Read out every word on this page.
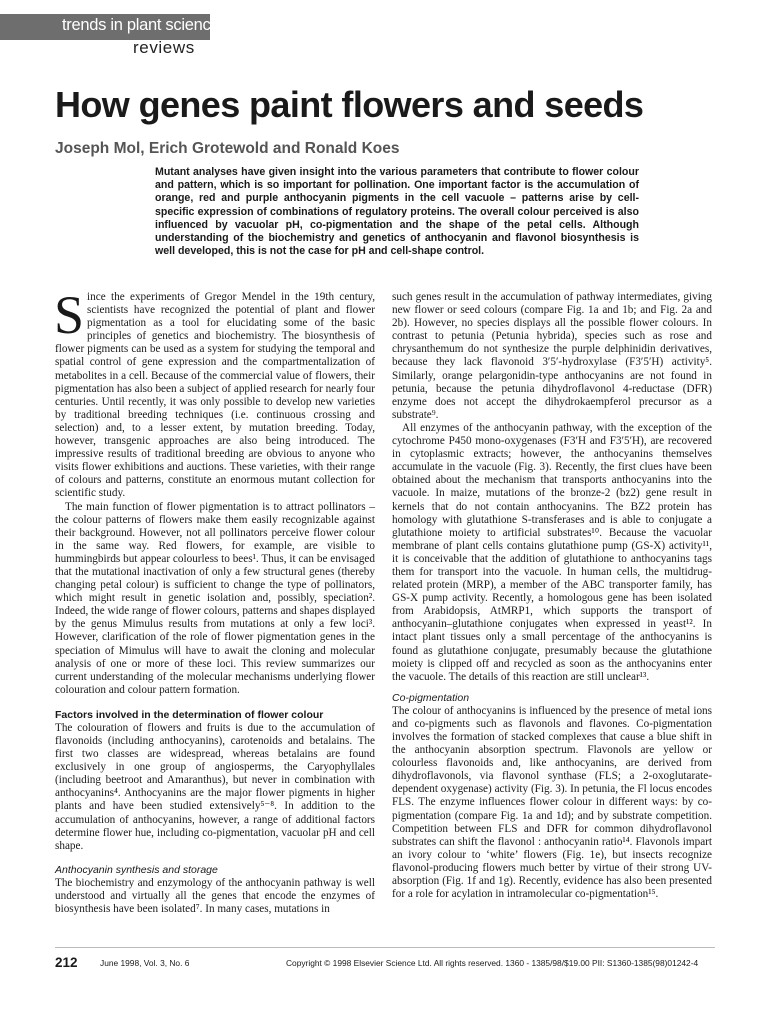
trends in plant science
reviews
How genes paint flowers and seeds
Joseph Mol, Erich Grotewold and Ronald Koes

Mutant analyses have given insight into the various parameters that contribute to flower colour and pattern, which is so important for pollination. One important factor is the accumulation of orange, red and purple anthocyanin pigments in the cell vacuole – patterns arise by cell-specific expression of combinations of regulatory proteins. The overall colour perceived is also influenced by vacuolar pH, co-pigmentation and the shape of the petal cells. Although understanding of the biochemistry and genetics of anthocyanin and flavonol biosynthesis is well developed, this is not the case for pH and cell-shape control.

Since the experiments of Gregor Mendel in the 19th century, scientists have recognized the potential of plant and flower pigmentation as a tool for elucidating some of the basic principles of genetics and biochemistry. The biosynthesis of flower pigments can be used as a system for studying the temporal and spatial control of gene expression and the compartmentalization of metabolites in a cell. Because of the commercial value of flowers, their pigmentation has also been a subject of applied research for nearly four centuries. Until recently, it was only possible to develop new varieties by traditional breeding techniques (i.e. continuous crossing and selection) and, to a lesser extent, by mutation breeding. Today, however, transgenic approaches are also being introduced. The impressive results of traditional breeding are obvious to anyone who visits flower exhibitions and auctions. These varieties, with their range of colours and patterns, constitute an enormous mutant collection for scientific study.

The main function of flower pigmentation is to attract pollinators – the colour patterns of flowers make them easily recognizable against their background. However, not all pollinators perceive flower colour in the same way. Red flowers, for example, are visible to hummingbirds but appear colourless to bees¹. Thus, it can be envisaged that the mutational inactivation of only a few structural genes (thereby changing petal colour) is sufficient to change the type of pollinators, which might result in genetic isolation and, possibly, speciation². Indeed, the wide range of flower colours, patterns and shapes displayed by the genus Mimulus results from mutations at only a few loci³. However, clarification of the role of flower pigmentation genes in the speciation of Mimulus will have to await the cloning and molecular analysis of one or more of these loci. This review summarizes our current understanding of the molecular mechanisms underlying flower colouration and colour pattern formation.

Factors involved in the determination of flower colour

The colouration of flowers and fruits is due to the accumulation of flavonoids (including anthocyanins), carotenoids and betalains. The first two classes are widespread, whereas betalains are found exclusively in one group of angiosperms, the Caryophyllales (including beetroot and Amaranthus), but never in combination with anthocyanins⁴. Anthocyanins are the major flower pigments in higher plants and have been studied extensively⁵⁻⁸. In addition to the accumulation of anthocyanins, however, a range of additional factors determine flower hue, including co-pigmentation, vacuolar pH and cell shape.

Anthocyanin synthesis and storage

The biochemistry and enzymology of the anthocyanin pathway is well understood and virtually all the genes that encode the enzymes of biosynthesis have been isolated⁷. In many cases, mutations in

such genes result in the accumulation of pathway intermediates, giving new flower or seed colours (compare Fig. 1a and 1b; and Fig. 2a and 2b). However, no species displays all the possible flower colours. In contrast to petunia (Petunia hybrida), species such as rose and chrysanthemum do not synthesize the purple delphinidin derivatives, because they lack flavonoid 3′5′-hydroxylase (F3′5′H) activity⁵. Similarly, orange pelargonidin-type anthocyanins are not found in petunia, because the petunia dihydroflavonol 4-reductase (DFR) enzyme does not accept the dihydrokaempferol precursor as a substrate⁹.

All enzymes of the anthocyanin pathway, with the exception of the cytochrome P450 mono-oxygenases (F3′H and F3′5′H), are recovered in cytoplasmic extracts; however, the anthocyanins themselves accumulate in the vacuole (Fig. 3). Recently, the first clues have been obtained about the mechanism that transports anthocyanins into the vacuole. In maize, mutations of the bronze-2 (bz2) gene result in kernels that do not contain anthocyanins. The BZ2 protein has homology with glutathione S-transferases and is able to conjugate a glutathione moiety to artificial substrates¹⁰. Because the vacuolar membrane of plant cells contains glutathione pump (GS-X) activity¹¹, it is conceivable that the addition of glutathione to anthocyanins tags them for transport into the vacuole. In human cells, the multidrug-related protein (MRP), a member of the ABC transporter family, has GS-X pump activity. Recently, a homologous gene has been isolated from Arabidopsis, AtMRP1, which supports the transport of anthocyanin–glutathione conjugates when expressed in yeast¹². In intact plant tissues only a small percentage of the anthocyanins is found as glutathione conjugate, presumably because the glutathione moiety is clipped off and recycled as soon as the anthocyanins enter the vacuole. The details of this reaction are still unclear¹³.

Co-pigmentation

The colour of anthocyanins is influenced by the presence of metal ions and co-pigments such as flavonols and flavones. Co-pigmentation involves the formation of stacked complexes that cause a blue shift in the anthocyanin absorption spectrum. Flavonols are yellow or colourless flavonoids and, like anthocyanins, are derived from dihydroflavonols, via flavonol synthase (FLS; a 2-oxoglutarate-dependent oxygenase) activity (Fig. 3). In petunia, the Fl locus encodes FLS. The enzyme influences flower colour in different ways: by co-pigmentation (compare Fig. 1a and 1d); and by substrate competition. Competition between FLS and DFR for common dihydroflavonol substrates can shift the flavonol : anthocyanin ratio¹⁴. Flavonols impart an ivory colour to ‘white’ flowers (Fig. 1e), but insects recognize flavonol-producing flowers much better by virtue of their strong UV-absorption (Fig. 1f and 1g). Recently, evidence has also been presented for a role for acylation in intramolecular co-pigmentation¹⁵.

212	June 1998, Vol. 3, No. 6	Copyright © 1998 Elsevier Science Ltd. All rights reserved. 1360 - 1385/98/$19.00 PII: S1360-1385(98)01242-4
